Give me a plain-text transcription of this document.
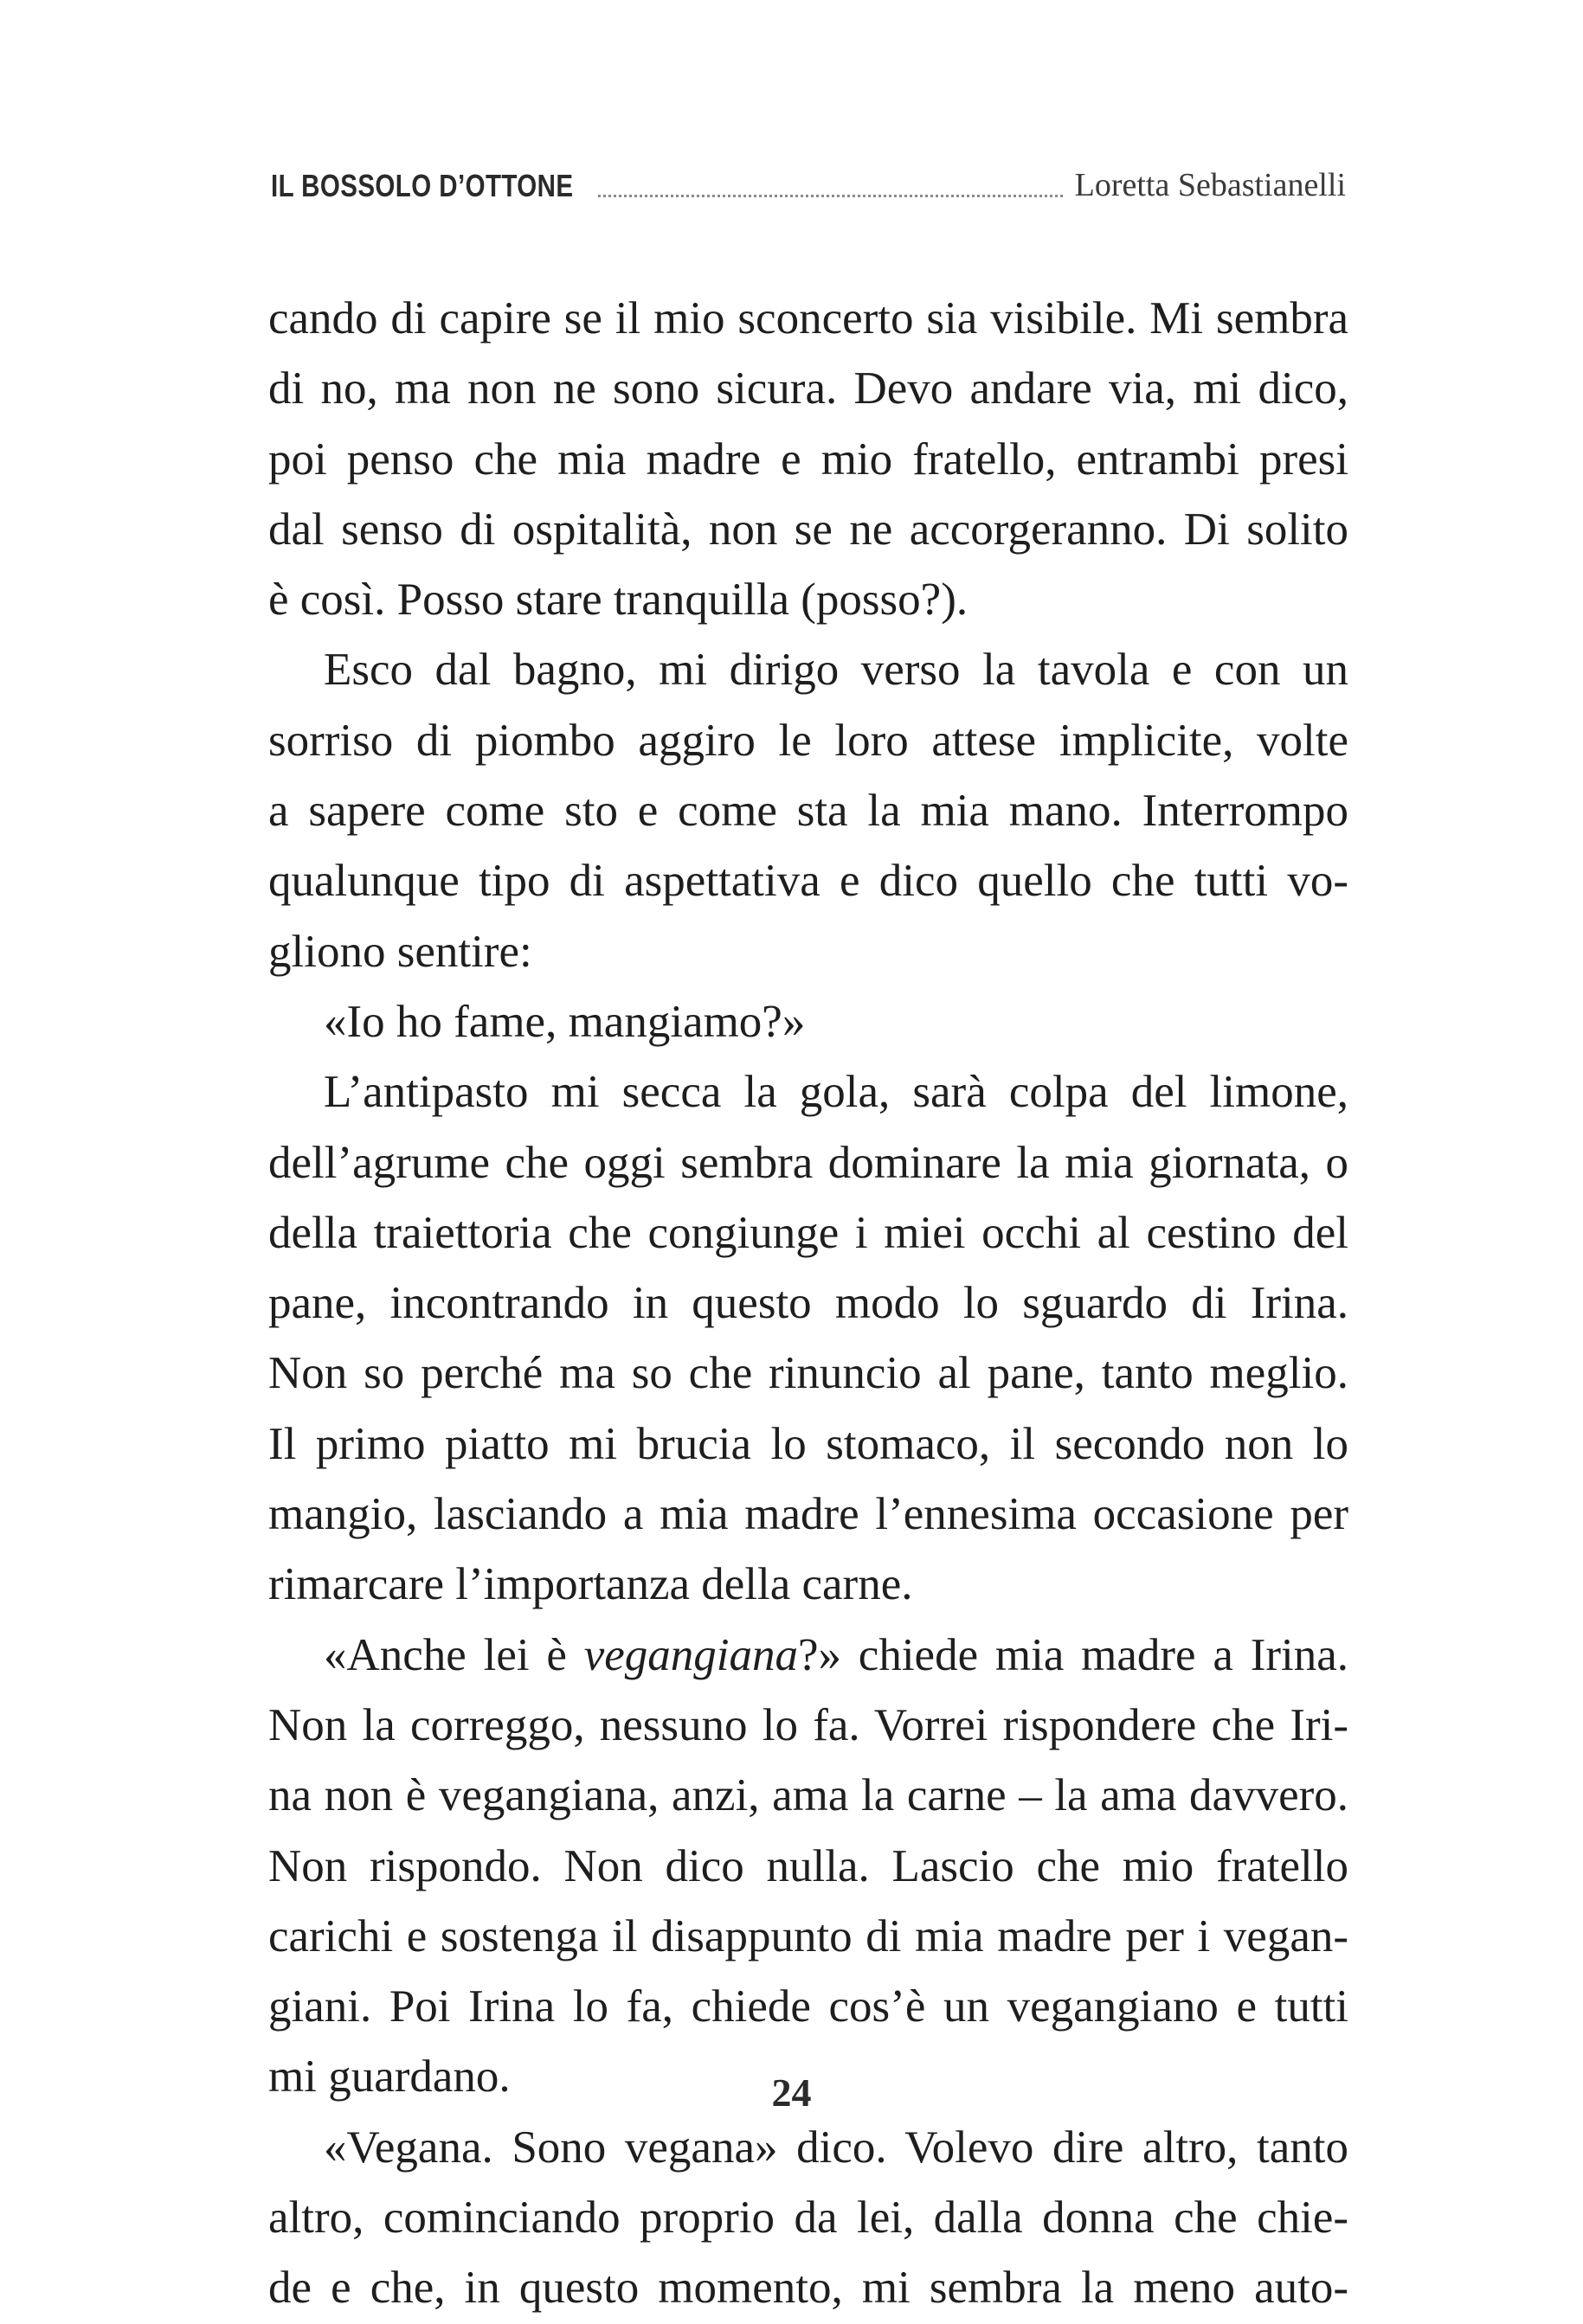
IL BOSSOLO D’OTTONE	Loretta Sebastianelli
cando di capire se il mio sconcerto sia visibile. Mi sembra
di no, ma non ne sono sicura. Devo andare via, mi dico,
poi penso che mia madre e mio fratello, entrambi presi
dal senso di ospitalità, non se ne accorgeranno. Di solito
è così. Posso stare tranquilla (posso?).
Esco dal bagno, mi dirigo verso la tavola e con un
sorriso di piombo aggiro le loro attese implicite, volte
a sapere come sto e come sta la mia mano. Interrompo
qualunque tipo di aspettativa e dico quello che tutti vo-
gliono sentire:
«Io ho fame, mangiamo?»
L’antipasto mi secca la gola, sarà colpa del limone,
dell’agrume che oggi sembra dominare la mia giornata, o
della traiettoria che congiunge i miei occhi al cestino del
pane, incontrando in questo modo lo sguardo di Irina.
Non so perché ma so che rinuncio al pane, tanto meglio.
Il primo piatto mi brucia lo stomaco, il secondo non lo
mangio, lasciando a mia madre l’ennesima occasione per
rimarcare l’importanza della carne.
«Anche lei è vegangiana?» chiede mia madre a Irina.
Non la correggo, nessuno lo fa. Vorrei rispondere che Iri-
na non è vegangiana, anzi, ama la carne – la ama davvero.
Non rispondo. Non dico nulla. Lascio che mio fratello
carichi e sostenga il disappunto di mia madre per i vegan-
giani. Poi Irina lo fa, chiede cos’è un vegangiano e tutti
mi guardano.
«Vegana. Sono vegana» dico. Volevo dire altro, tanto
altro, cominciando proprio da lei, dalla donna che chie-
de e che, in questo momento, mi sembra la meno auto-
24
